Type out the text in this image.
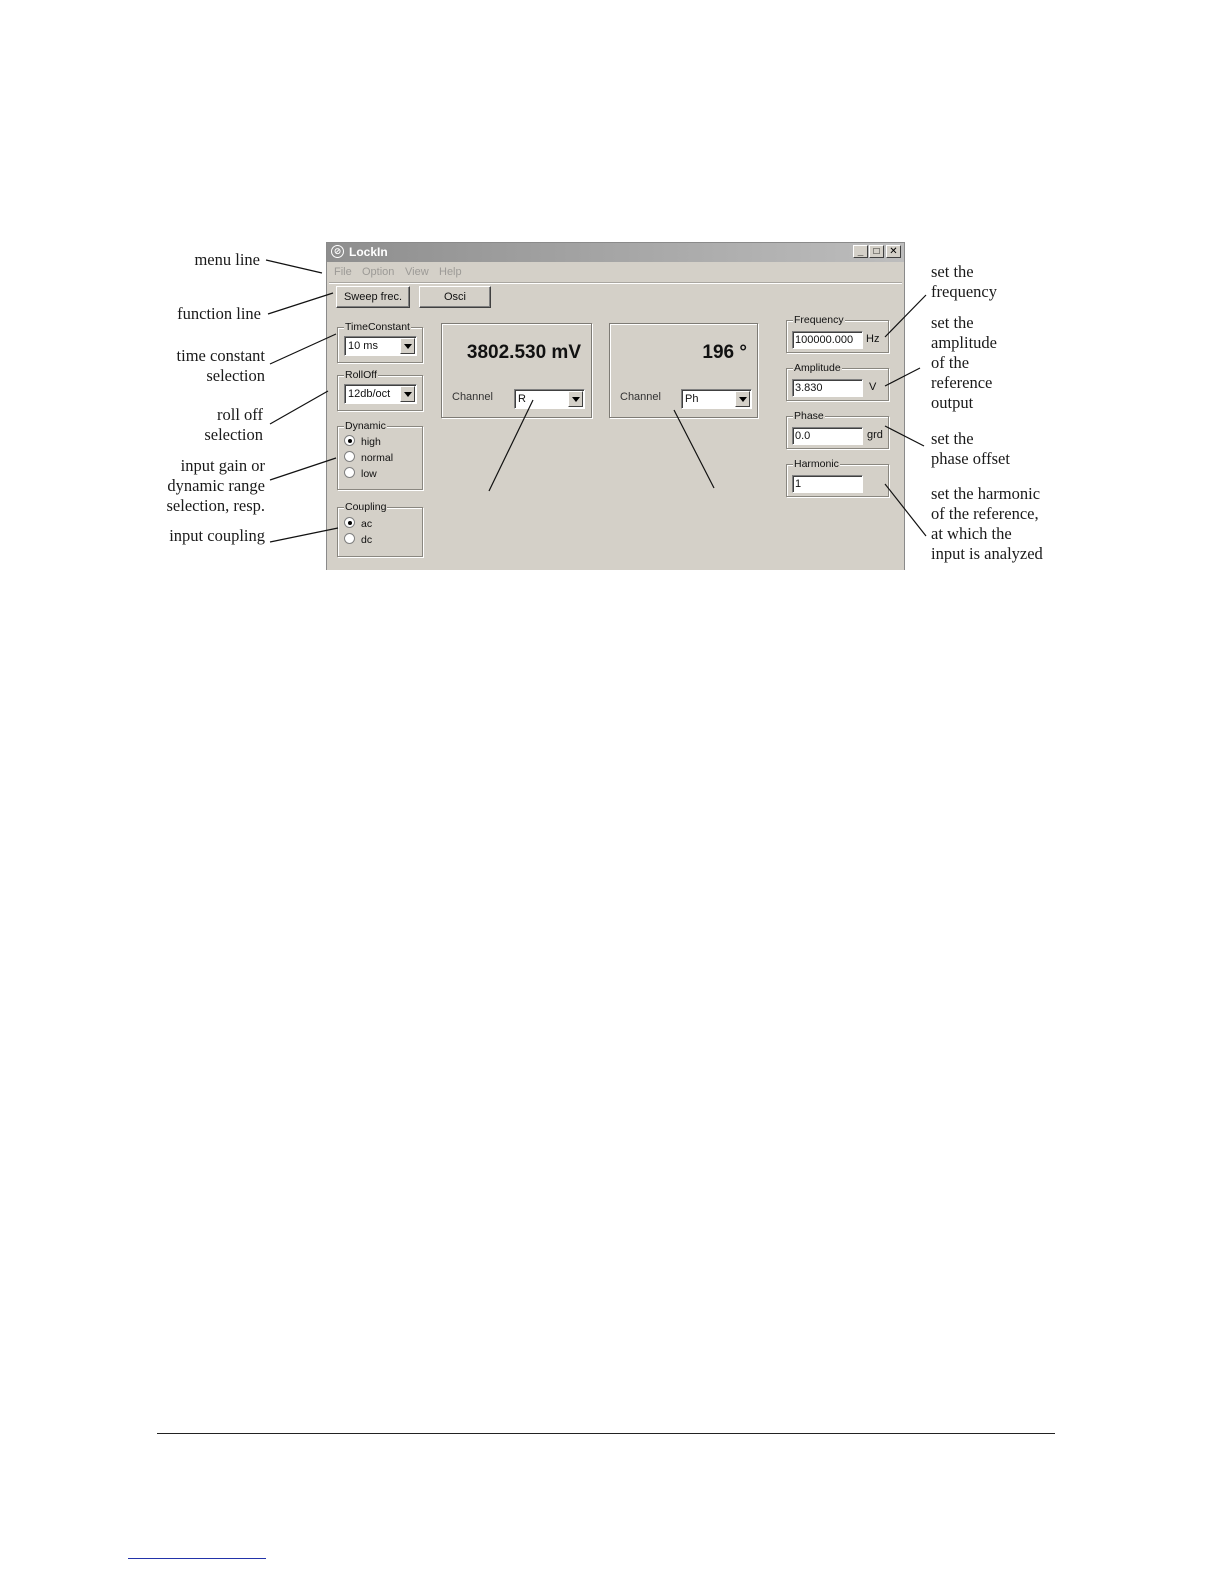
menu line
function line
time constant
selection
roll off
selection
input gain or
dynamic range
selection, resp.
input coupling
set the
frequency
set the
amplitude
of the
reference
output
set the
phase offset
set the harmonic
of the reference,
at which the
input is analyzed
⊘ LockIn	_	□ ✕
File Option View Help
Sweep frec.	Osci
TimeConstant
10 ms
RollOff
12db/oct
Dynamic
high
normal
low
Coupling
ac
dc
3802.530 mV
Channel R
196 °
Channel Ph
Frequency
100000.000	Hz
Amplitude
3.830	V
Phase
0.0	grd
Harmonic
1
